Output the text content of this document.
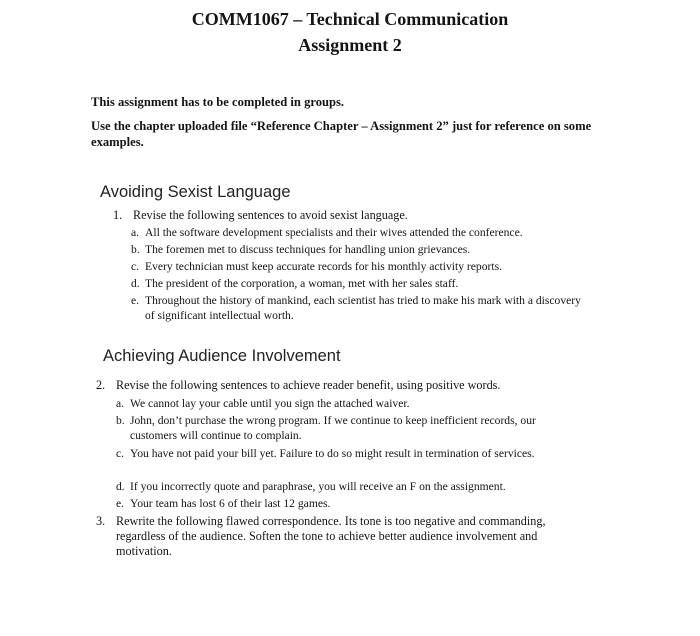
COMM1067 – Technical Communication
Assignment 2
This assignment has to be completed in groups.
Use the chapter uploaded file “Reference Chapter – Assignment 2” just for reference on some examples.
Avoiding Sexist Language
1. Revise the following sentences to avoid sexist language.
a. All the software development specialists and their wives attended the conference.
b. The foremen met to discuss techniques for handling union grievances.
c. Every technician must keep accurate records for his monthly activity reports.
d. The president of the corporation, a woman, met with her sales staff.
e. Throughout the history of mankind, each scientist has tried to make his mark with a discovery of significant intellectual worth.
Achieving Audience Involvement
2. Revise the following sentences to achieve reader benefit, using positive words.
a. We cannot lay your cable until you sign the attached waiver.
b. John, don’t purchase the wrong program. If we continue to keep inefficient records, our customers will continue to complain.
c. You have not paid your bill yet. Failure to do so might result in termination of services.
d. If you incorrectly quote and paraphrase, you will receive an F on the assignment.
e. Your team has lost 6 of their last 12 games.
3. Rewrite the following flawed correspondence. Its tone is too negative and commanding, regardless of the audience. Soften the tone to achieve better audience involvement and motivation.
